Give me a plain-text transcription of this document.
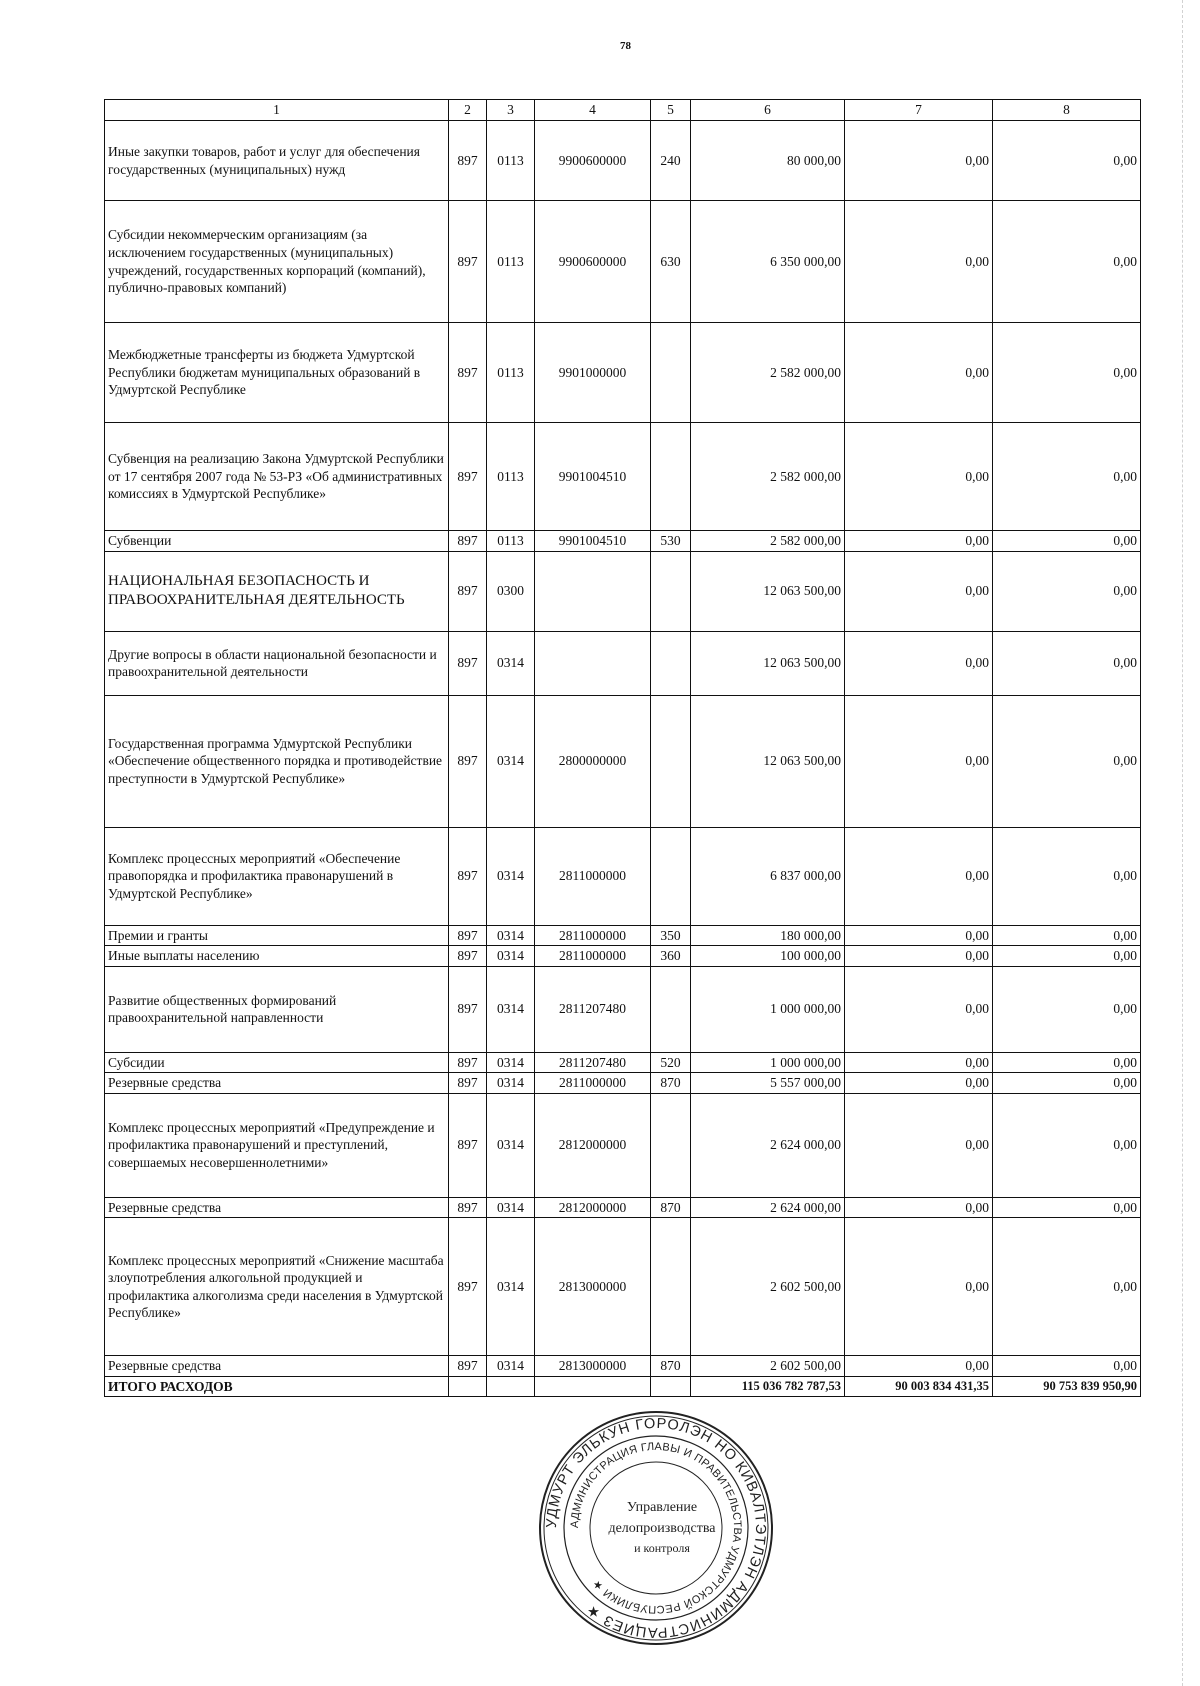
78
1	2	3	4	5	6	7	8
Иные закупки товаров, работ и услуг для обеспечения государственных (муниципальных) нужд	897	0113	9900600000	240	80 000,00	0,00	0,00
Субсидии некоммерческим организациям (за исключением государственных (муниципальных) учреждений, государственных корпораций (компаний), публично-правовых компаний)	897	0113	9900600000	630	6 350 000,00	0,00	0,00
Межбюджетные трансферты из бюджета Удмуртской Республики бюджетам муниципальных образований в Удмуртской Республике	897	0113	9901000000		2 582 000,00	0,00	0,00
Субвенция на реализацию Закона Удмуртской Республики от 17 сентября 2007 года № 53-РЗ «Об административных комиссиях в Удмуртской Республике»	897	0113	9901004510		2 582 000,00	0,00	0,00
Субвенции	897	0113	9901004510	530	2 582 000,00	0,00	0,00
НАЦИОНАЛЬНАЯ БЕЗОПАСНОСТЬ И ПРАВООХРАНИТЕЛЬНАЯ ДЕЯТЕЛЬНОСТЬ	897	0300			12 063 500,00	0,00	0,00
Другие вопросы в области национальной безопасности и правоохранительной деятельности	897	0314			12 063 500,00	0,00	0,00
Государственная программа Удмуртской Республики «Обеспечение общественного порядка и противодействие преступности в Удмуртской Республике»	897	0314	2800000000		12 063 500,00	0,00	0,00
Комплекс процессных мероприятий «Обеспечение правопорядка и профилактика правонарушений в Удмуртской Республике»	897	0314	2811000000		6 837 000,00	0,00	0,00
Премии и гранты	897	0314	2811000000	350	180 000,00	0,00	0,00
Иные выплаты населению	897	0314	2811000000	360	100 000,00	0,00	0,00
Развитие общественных формирований правоохранительной направленности	897	0314	2811207480		1 000 000,00	0,00	0,00
Субсидии	897	0314	2811207480	520	1 000 000,00	0,00	0,00
Резервные средства	897	0314	2811000000	870	5 557 000,00	0,00	0,00
Комплекс процессных мероприятий «Предупреждение и профилактика правонарушений и преступлений, совершаемых несовершеннолетними»	897	0314	2812000000		2 624 000,00	0,00	0,00
Резервные средства	897	0314	2812000000	870	2 624 000,00	0,00	0,00
Комплекс процессных мероприятий «Снижение масштаба злоупотребления алкогольной продукцией и профилактика алкоголизма среди населения в Удмуртской Республике»	897	0314	2813000000		2 602 500,00	0,00	0,00
Резервные средства	897	0314	2813000000	870	2 602 500,00	0,00	0,00
ИТОГО РАСХОДОВ					115 036 782 787,53	90 003 834 431,35	90 753 839 950,90
УДМУРТ ЭЛЬКУН ГОРОЛЭН НО КИВАЛТЭТЛЭН АДМИНИСТРАЦИЕЗ ★
АДМИНИСТРАЦИЯ ГЛАВЫ И ПРАВИТЕЛЬСТВА УДМУРТСКОЙ РЕСПУБЛИКИ ★
Управление
делопроизводства
и контроля
